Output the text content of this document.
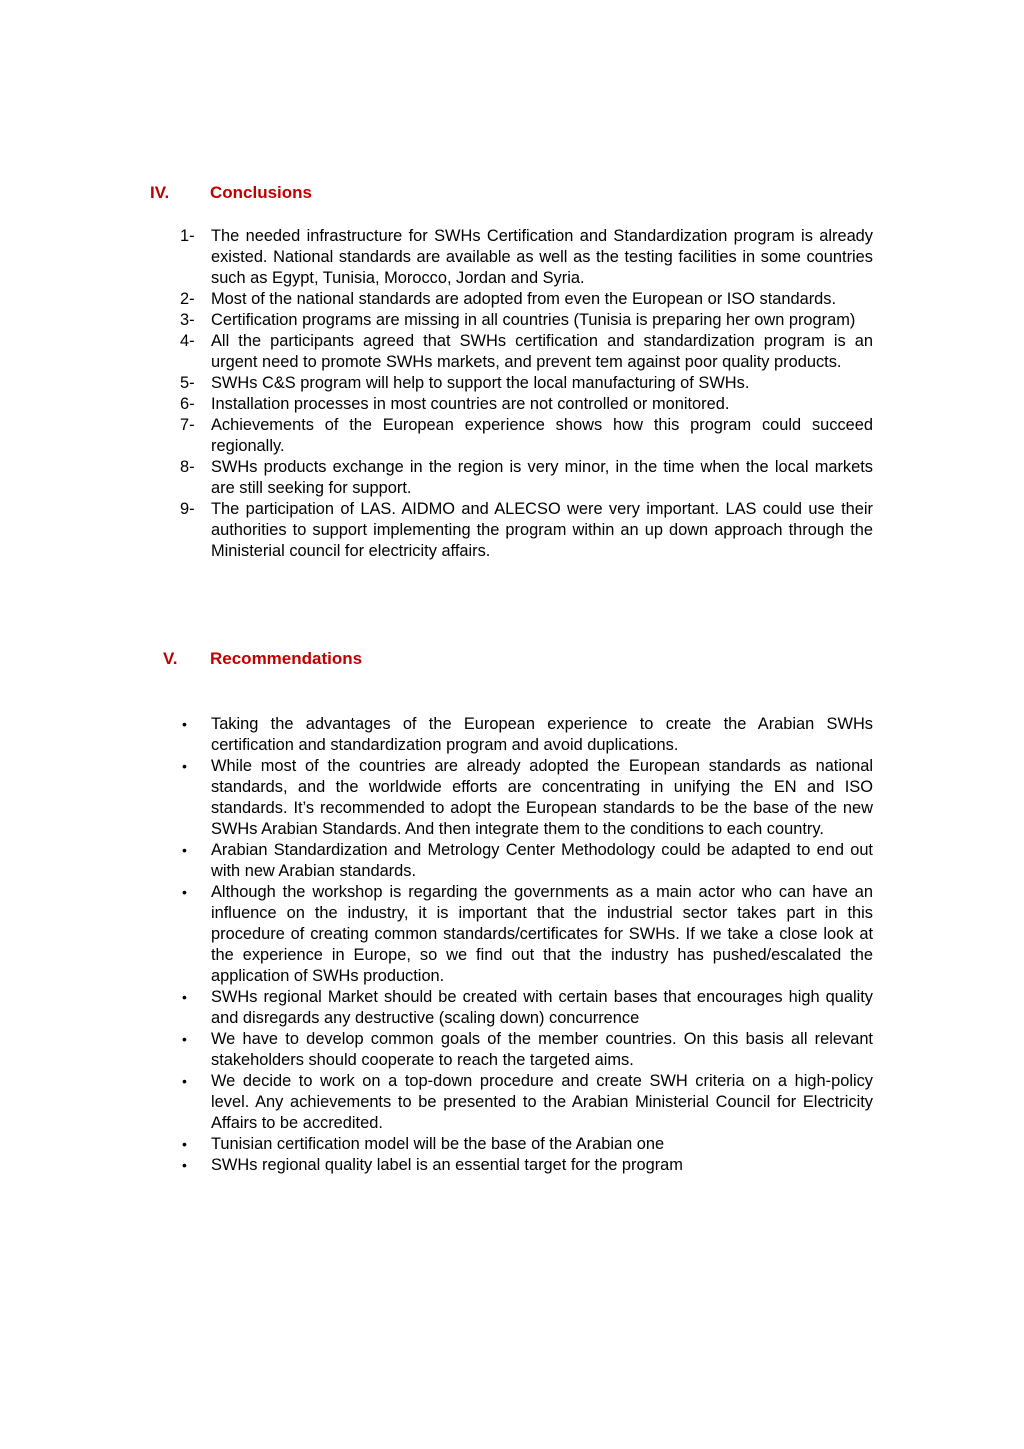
IV.	Conclusions
1- The needed infrastructure for SWHs Certification and Standardization program is already existed. National standards are available as well as the testing facilities in some countries such as Egypt, Tunisia, Morocco, Jordan and Syria.
2- Most of the national standards are adopted from even the European or ISO standards.
3- Certification programs are missing in all countries (Tunisia is preparing her own program)
4- All the participants agreed that SWHs certification and standardization program is an urgent need to promote SWHs markets, and prevent tem against poor quality products.
5- SWHs C&S program will help to support the local manufacturing of SWHs.
6- Installation processes in most countries are not controlled or monitored.
7- Achievements of the European experience shows how this program could succeed regionally.
8- SWHs products exchange in the region is very minor, in the time when the local markets are still seeking for support.
9- The participation of LAS. AIDMO and ALECSO were very important. LAS could use their authorities to support implementing the program within an up down approach through the Ministerial council for electricity affairs.
V.	Recommendations
• Taking the advantages of the European experience to create the Arabian SWHs certification and standardization program and avoid duplications.
• While most of the countries are already adopted the European standards as national standards, and the worldwide efforts are concentrating in unifying the EN and ISO standards. It’s recommended to adopt the European standards to be the base of the new SWHs Arabian Standards. And then integrate them to the conditions to each country.
• Arabian Standardization and Metrology Center Methodology could be adapted to end out with new Arabian standards.
• Although the workshop is regarding the governments as a main actor who can have an influence on the industry, it is important that the industrial sector takes part in this procedure of creating common standards/certificates for SWHs. If we take a close look at the experience in Europe, so we find out that the industry has pushed/escalated the application of SWHs production.
• SWHs regional Market should be created with certain bases that encourages high quality and disregards any destructive (scaling down) concurrence
• We have to develop common goals of the member countries. On this basis all relevant stakeholders should cooperate to reach the targeted aims.
• We decide to work on a top-down procedure and create SWH criteria on a high-policy level. Any achievements to be presented to the Arabian Ministerial Council for Electricity Affairs to be accredited.
• Tunisian certification model will be the base of the Arabian one
• SWHs regional quality label is an essential target for the program
